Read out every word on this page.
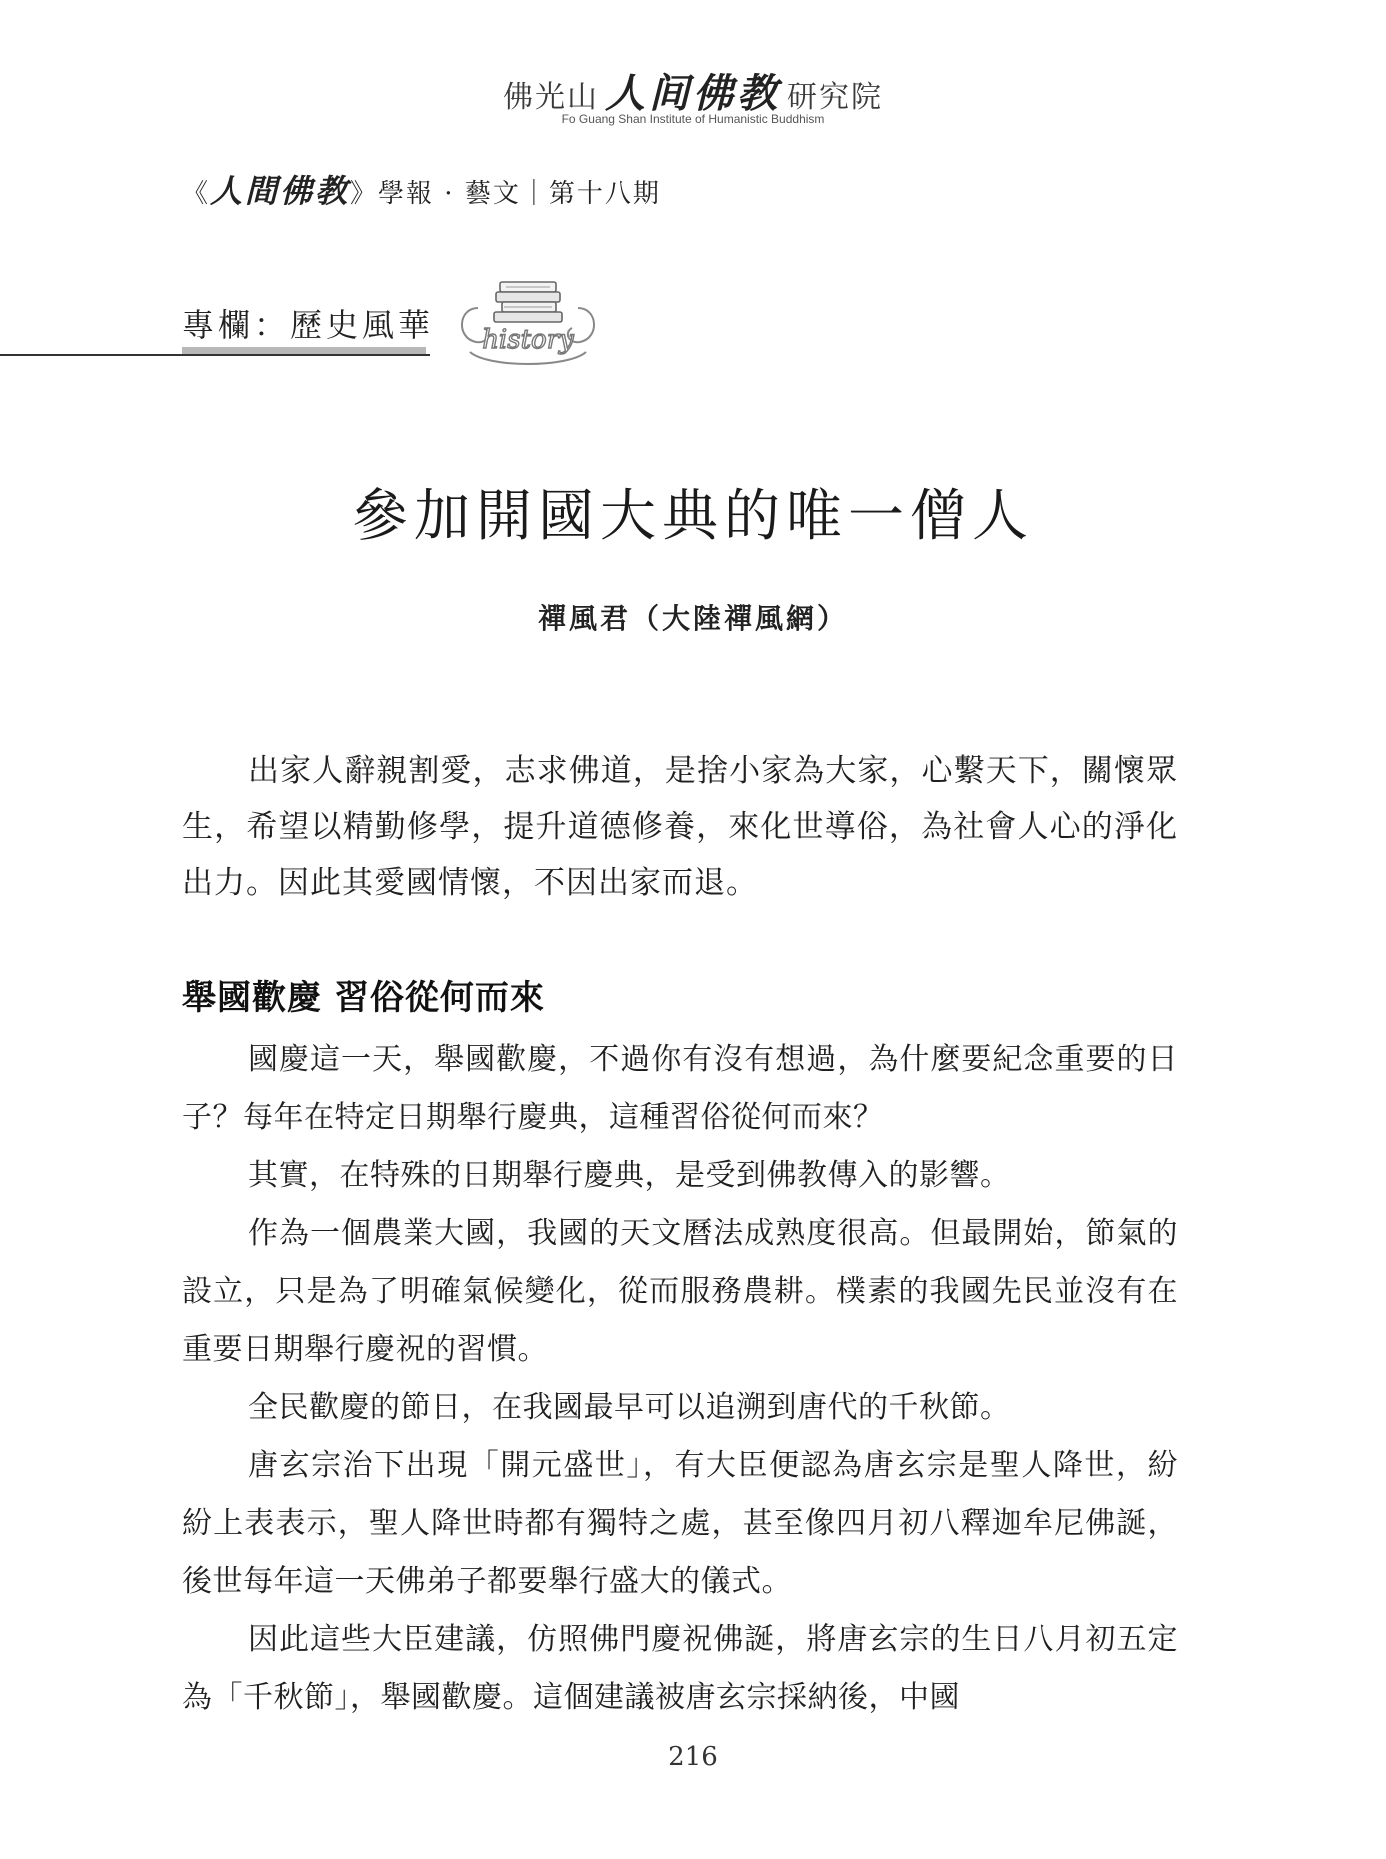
佛光山 人间佛教 研究院
Fo Guang Shan Institute of Humanistic Buddhism
《人間佛教》學報 · 藝文｜第十八期
專欄：歷史風華 history
參加開國大典的唯一僧人
禪風君（大陸禪風網）

出家人辭親割愛，志求佛道，是捨小家為大家，心繫天下，關懷眾生，希望以精勤修學，提升道德修養，來化世導俗，為社會人心的淨化出力。因此其愛國情懷，不因出家而退。

舉國歡慶 習俗從何而來

國慶這一天，舉國歡慶，不過你有沒有想過，為什麼要紀念重要的日子？每年在特定日期舉行慶典，這種習俗從何而來？

其實，在特殊的日期舉行慶典，是受到佛教傳入的影響。

作為一個農業大國，我國的天文曆法成熟度很高。但最開始，節氣的設立，只是為了明確氣候變化，從而服務農耕。樸素的我國先民並沒有在重要日期舉行慶祝的習慣。

全民歡慶的節日，在我國最早可以追溯到唐代的千秋節。

唐玄宗治下出現「開元盛世」，有大臣便認為唐玄宗是聖人降世，紛紛上表表示，聖人降世時都有獨特之處，甚至像四月初八釋迦牟尼佛誕，後世每年這一天佛弟子都要舉行盛大的儀式。

因此這些大臣建議，仿照佛門慶祝佛誕，將唐玄宗的生日八月初五定為「千秋節」，舉國歡慶。這個建議被唐玄宗採納後，中國

216
